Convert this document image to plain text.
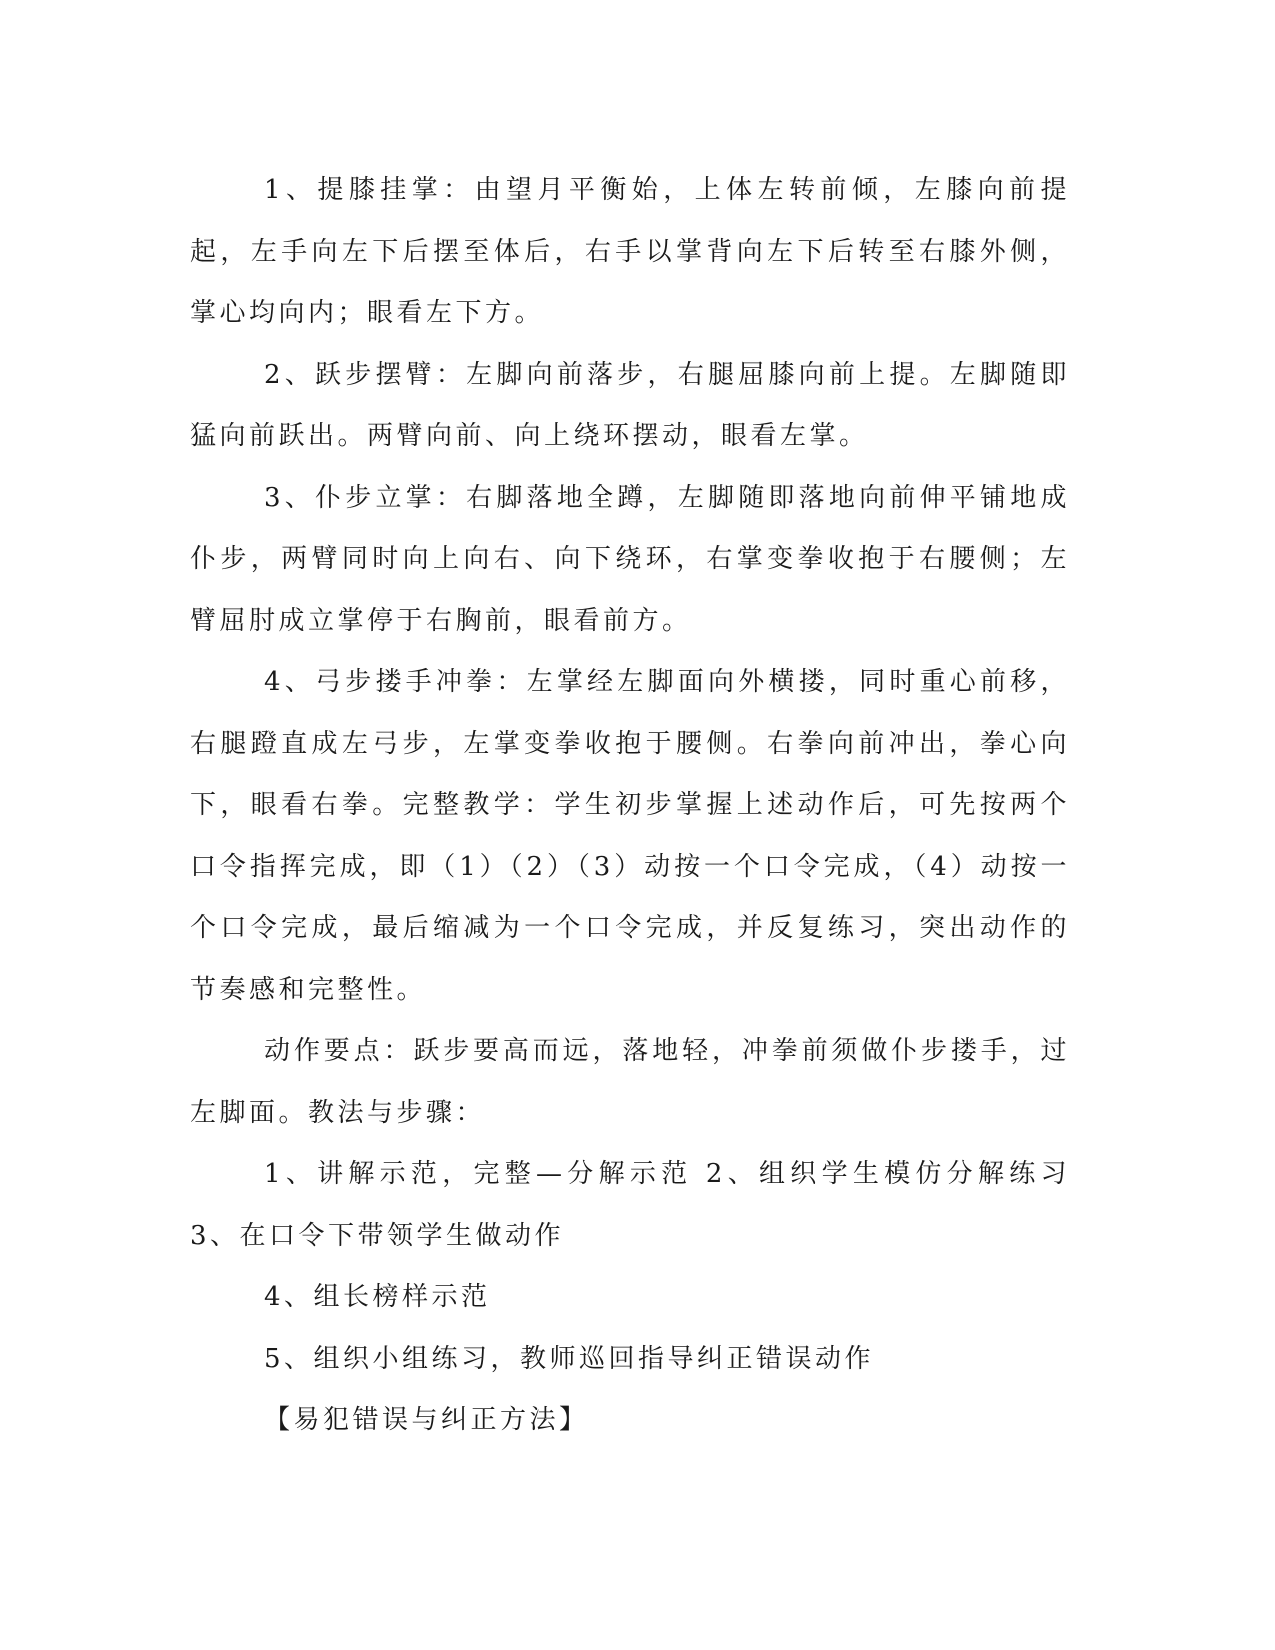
1、提膝挂掌：由望月平衡始，上体左转前倾，左膝向前提起，左手向左下后摆至体后，右手以掌背向左下后转至右膝外侧，掌心均向内；眼看左下方。

2、跃步摆臂：左脚向前落步，右腿屈膝向前上提。左脚随即猛向前跃出。两臂向前、向上绕环摆动，眼看左掌。

3、仆步立掌：右脚落地全蹲，左脚随即落地向前伸平铺地成仆步，两臂同时向上向右、向下绕环，右掌变拳收抱于右腰侧；左臂屈肘成立掌停于右胸前，眼看前方。

4、弓步搂手冲拳：左掌经左脚面向外横搂，同时重心前移，右腿蹬直成左弓步，左掌变拳收抱于腰侧。右拳向前冲出，拳心向下，眼看右拳。完整教学：学生初步掌握上述动作后，可先按两个口令指挥完成，即（1）（2）（3）动按一个口令完成，（4）动按一个口令完成，最后缩减为一个口令完成，并反复练习，突出动作的节奏感和完整性。

动作要点：跃步要高而远，落地轻，冲拳前须做仆步搂手，过左脚面。教法与步骤：

1、讲解示范，完整—分解示范 2、组织学生模仿分解练习 3、在口令下带领学生做动作

4、组长榜样示范

5、组织小组练习，教师巡回指导纠正错误动作

【易犯错误与纠正方法】
